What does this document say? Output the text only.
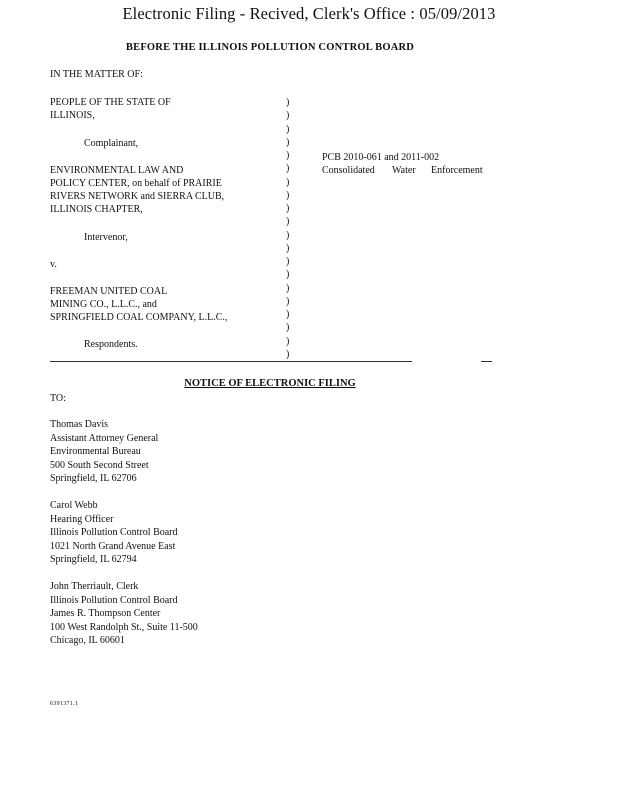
Electronic Filing - Recived, Clerk's Office : 05/09/2013
BEFORE THE ILLINOIS POLLUTION CONTROL BOARD
IN THE MATTER OF:
PEOPLE OF THE STATE OF
ILLINOIS,
Complainant,
ENVIRONMENTAL LAW AND
POLICY CENTER, on behalf of PRAIRIE
RIVERS NETWORK and SIERRA CLUB,
ILLINOIS CHAPTER,
Intervenor,
v.
FREEMAN UNITED COAL
MINING CO., L.L.C., and
SPRINGFIELD COAL COMPANY, L.L.C.,
Respondents.
)
)
)
)
)
)
)
)
)
)
)
)
)
)
)
)
)
)
)
)
PCB 2010-061 and 2011-002
Consolidated Water Enforcement
NOTICE OF ELECTRONIC FILING
TO:
Thomas Davis
Assistant Attorney General
Environmental Bureau
500 South Second Street
Springfield, IL 62706
Carol Webb
Hearing Officer
Illinois Pollution Control Board
1021 North Grand Avenue East
Springfield, IL 62794
John Therriault, Clerk
Illinois Pollution Control Board
James R. Thompson Center
100 West Randolph St., Suite 11-500
Chicago, IL 60601
6391371.1
